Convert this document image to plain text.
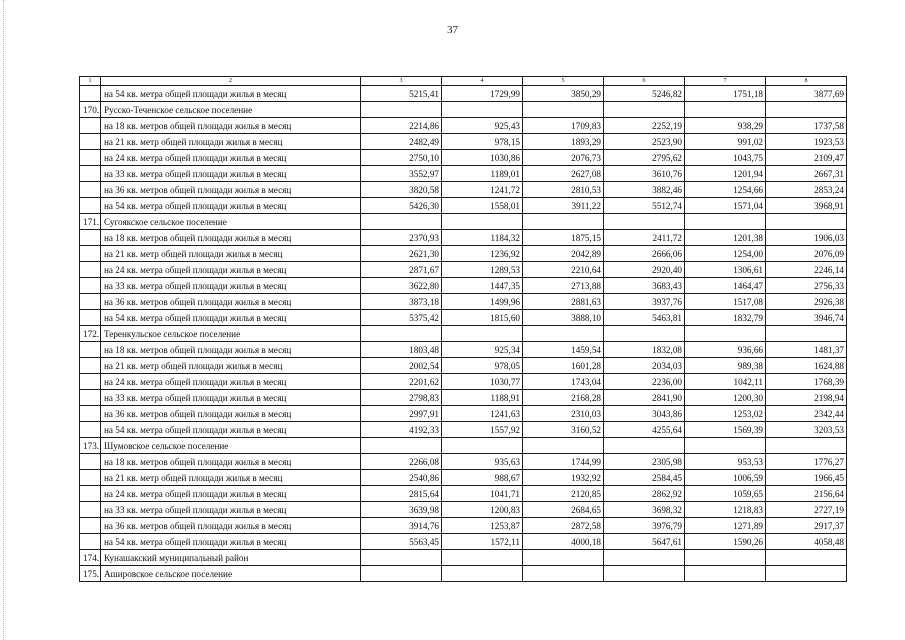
37
1	2	3	4	5	6	7	8
	на 54 кв. метра общей площади жилья в месяц	5215,41	1729,99	3850,29	5246,82	1751,18	3877,69
170.	Русско-Теченское сельское поселение						
	на 18 кв. метров общей площади жилья в месяц	2214,86	925,43	1709,83	2252,19	938,29	1737,58
	на 21 кв. метр общей площади жилья в месяц	2482,49	978,15	1893,29	2523,90	991,02	1923,53
	на 24 кв. метра общей площади жилья в месяц	2750,10	1030,86	2076,73	2795,62	1043,75	2109,47
	на 33 кв. метра общей площади жилья в месяц	3552,97	1189,01	2627,08	3610,76	1201,94	2667,31
	на 36 кв. метров общей площади жилья в месяц	3820,58	1241,72	2810,53	3882,46	1254,66	2853,24
	на 54 кв. метра общей площади жилья в месяц	5426,30	1558,01	3911,22	5512,74	1571,04	3968,91
171.	Сугоякское сельское поселение						
	на 18 кв. метров общей площади жилья в месяц	2370,93	1184,32	1875,15	2411,72	1201,38	1906,03
	на 21 кв. метр общей площади жилья в месяц	2621,30	1236,92	2042,89	2666,06	1254,00	2076,09
	на 24 кв. метра общей площади жилья в месяц	2871,67	1289,53	2210,64	2920,40	1306,61	2246,14
	на 33 кв. метра общей площади жилья в месяц	3622,80	1447,35	2713,88	3683,43	1464,47	2756,33
	на 36 кв. метров общей площади жилья в месяц	3873,18	1499,96	2881,63	3937,76	1517,08	2926,38
	на 54 кв. метра общей площади жилья в месяц	5375,42	1815,60	3888,10	5463,81	1832,79	3946,74
172.	Теренкульское сельское поселение						
	на 18 кв. метров общей площади жилья в месяц	1803,48	925,34	1459,54	1832,08	936,66	1481,37
	на 21 кв. метр общей площади жилья в месяц	2002,54	978,05	1601,28	2034,03	989,38	1624,88
	на 24 кв. метра общей площади жилья в месяц	2201,62	1030,77	1743,04	2236,00	1042,11	1768,39
	на 33 кв. метра общей площади жилья в месяц	2798,83	1188,91	2168,28	2841,90	1200,30	2198,94
	на 36 кв. метров общей площади жилья в месяц	2997,91	1241,63	2310,03	3043,86	1253,02	2342,44
	на 54 кв. метра общей площади жилья в месяц	4192,33	1557,92	3160,52	4255,64	1569,39	3203,53
173.	Шумовское сельское поселение						
	на 18 кв. метров общей площади жилья в месяц	2266,08	935,63	1744,99	2305,98	953,53	1776,27
	на 21 кв. метр общей площади жилья в месяц	2540,86	988,67	1932,92	2584,45	1006,59	1966,45
	на 24 кв. метра общей площади жилья в месяц	2815,64	1041,71	2120,85	2862,92	1059,65	2156,64
	на 33 кв. метра общей площади жилья в месяц	3639,98	1200,83	2684,65	3698,32	1218,83	2727,19
	на 36 кв. метров общей площади жилья в месяц	3914,76	1253,87	2872,58	3976,79	1271,89	2917,37
	на 54 кв. метра общей площади жилья в месяц	5563,45	1572,11	4000,18	5647,61	1590,26	4058,48
174.	Кунашакский муниципальный район						
175.	Ашировское сельское поселение						
